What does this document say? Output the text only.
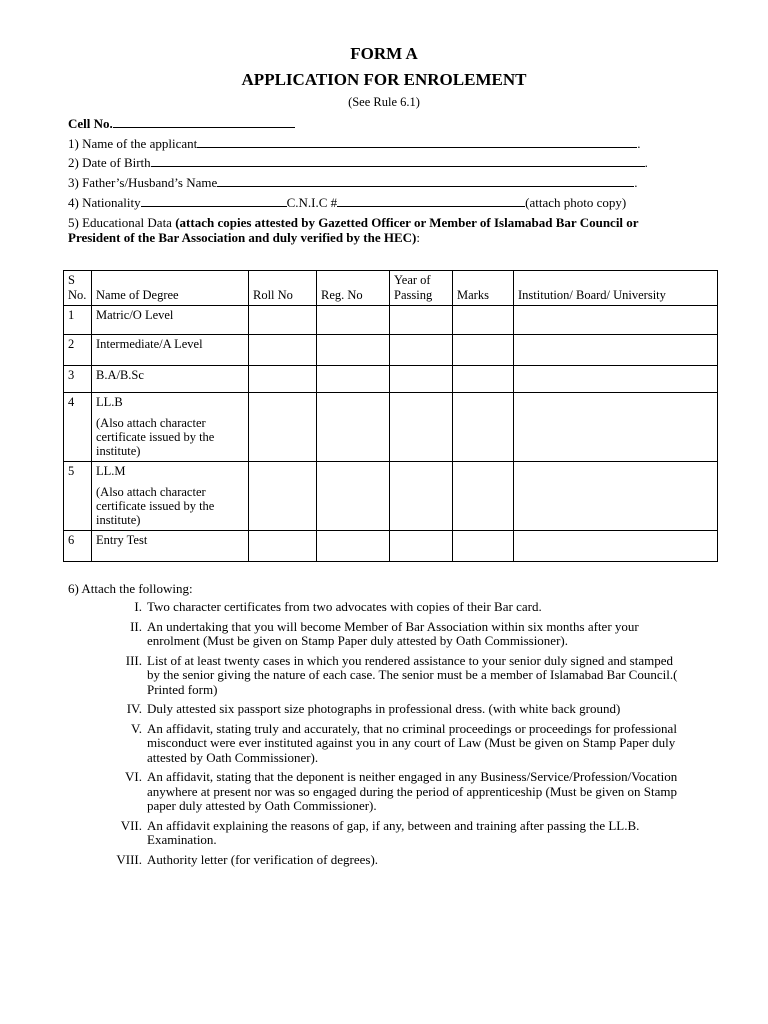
FORM A
APPLICATION FOR ENROLEMENT
(See Rule 6.1)
Cell No.
1) Name of the applicant	.
2) Date of Birth	.
3) Father’s/Husband’s Name	.
4) Nationality	C.N.I.C #	(attach photo copy)
5) Educational Data (attach copies attested by Gazetted Officer or Member of Islamabad Bar Council or President of the Bar Association and duly verified by the HEC):
S No.	Name of Degree	Roll No	Reg. No	Year of Passing	Marks	Institution/ Board/ University
1	Matric/O Level					
2	Intermediate/A Level					
3	B.A/B.Sc					
4	LL.B
(Also attach character certificate issued by the institute)					

5	LL.M
(Also attach character certificate issued by the institute)					

6	Entry Test					
6) Attach the following:
I. Two character certificates from two advocates with copies of their Bar card.
II. An undertaking that you will become Member of Bar Association within six months after your enrolment (Must be given on Stamp Paper duly attested by Oath Commissioner).
III. List of at least twenty cases in which you rendered assistance to your senior duly signed and stamped by the senior giving the nature of each case. The senior must be a member of Islamabad Bar Council.( Printed form)
IV. Duly attested six passport size photographs in professional dress. (with white back ground)
V. An affidavit, stating truly and accurately, that no criminal proceedings or proceedings for professional misconduct were ever instituted against you in any court of Law (Must be given on Stamp Paper duly attested by Oath Commissioner).
VI. An affidavit, stating that the deponent is neither engaged in any Business/Service/Profession/Vocation anywhere at present nor was so engaged during the period of apprenticeship (Must be given on Stamp paper duly attested by Oath Commissioner).
VII. An affidavit explaining the reasons of gap, if any, between and training after passing the LL.B. Examination.
VIII. Authority letter (for verification of degrees).
